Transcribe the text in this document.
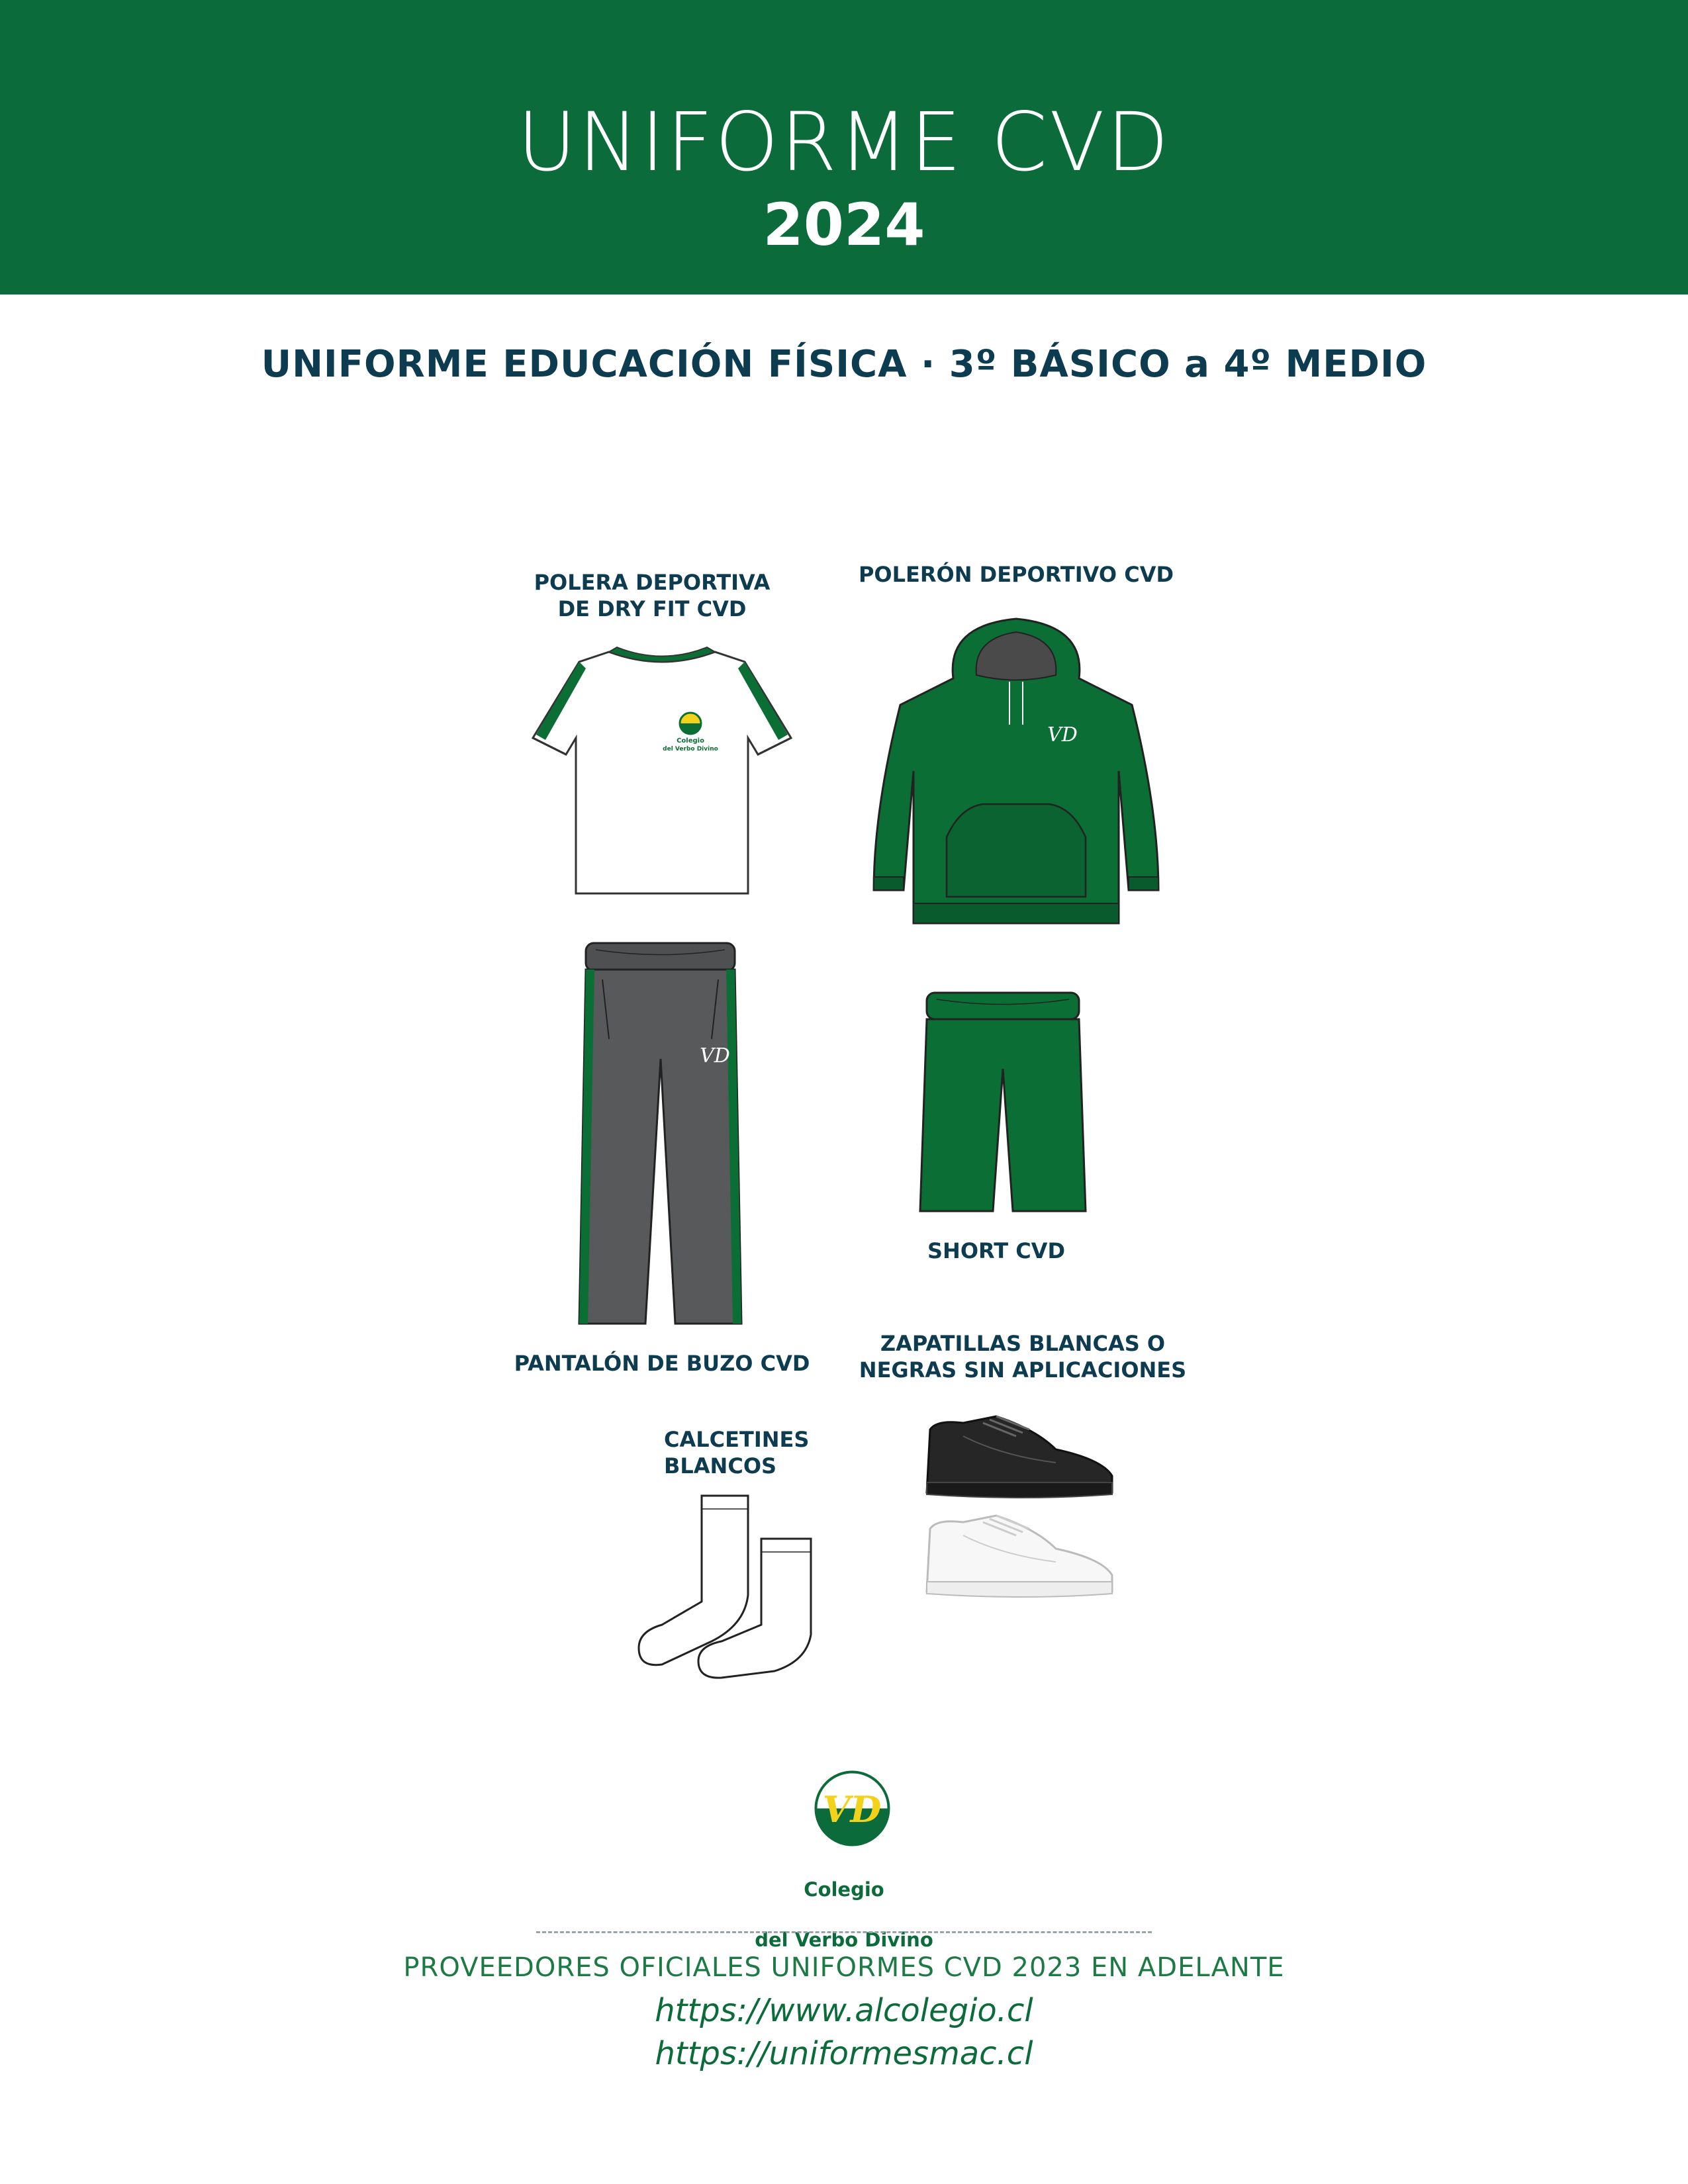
UNIFORME CVD
2024
UNIFORME EDUCACIÓN FÍSICA · 3º BÁSICO a 4º MEDIO
POLERA DEPORTIVA
DE DRY FIT CVD
Colegio
del Verbo Divino
POLERÓN DEPORTIVO CVD
VD
VD
PANTALÓN DE BUZO CVD
SHORT CVD
ZAPATILLAS BLANCAS O
NEGRAS SIN APLICACIONES
CALCETINES
BLANCOS
VD

Colegio

del Verbo Divino

PROVEEDORES OFICIALES UNIFORMES CVD 2023 EN ADELANTE
https://www.alcolegio.cl
https://uniformesmac.cl
